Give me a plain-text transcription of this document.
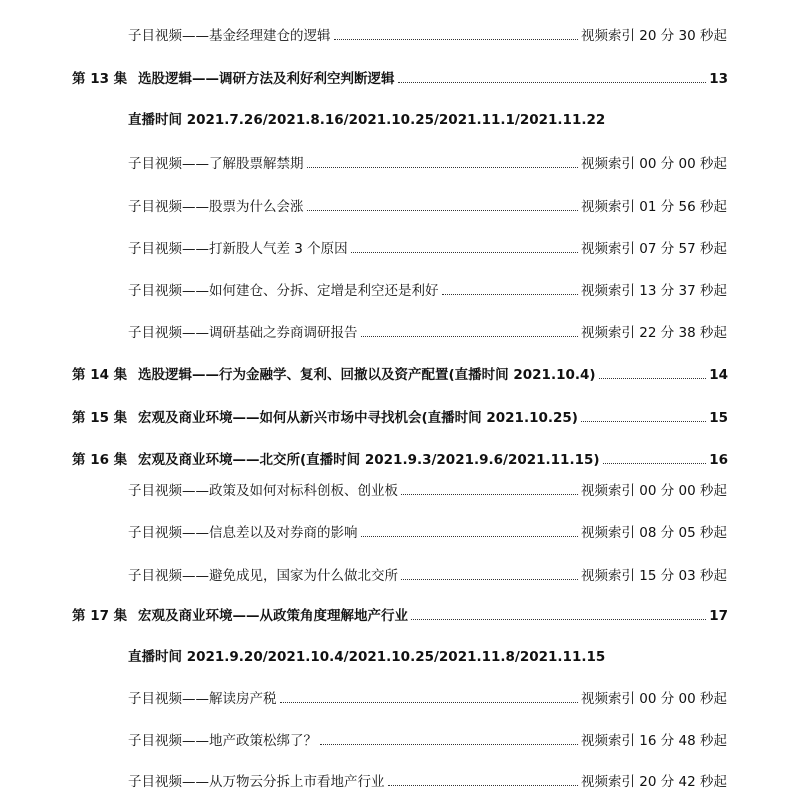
子目视频——基金经理建仓的逻辑	视频索引 20 分 30 秒起
第 13 集 选股逻辑——调研方法及利好利空判断逻辑	13
直播时间 2021.7.26/2021.8.16/2021.10.25/2021.11.1/2021.11.22
子目视频——了解股票解禁期	视频索引 00 分 00 秒起
子目视频——股票为什么会涨	视频索引 01 分 56 秒起
子目视频——打新股人气差 3 个原因	视频索引 07 分 57 秒起
子目视频——如何建仓、分拆、定增是利空还是利好	视频索引 13 分 37 秒起
子目视频——调研基础之券商调研报告	视频索引 22 分 38 秒起
第 14 集 选股逻辑——行为金融学、复利、回撤以及资产配置(直播时间 2021.10.4)	14
第 15 集 宏观及商业环境——如何从新兴市场中寻找机会(直播时间 2021.10.25)	15
第 16 集 宏观及商业环境——北交所(直播时间 2021.9.3/2021.9.6/2021.11.15)	16
子目视频——政策及如何对标科创板、创业板	视频索引 00 分 00 秒起
子目视频——信息差以及对券商的影响	视频索引 08 分 05 秒起
子目视频——避免成见，国家为什么做北交所	视频索引 15 分 03 秒起
第 17 集 宏观及商业环境——从政策角度理解地产行业	17
直播时间 2021.9.20/2021.10.4/2021.10.25/2021.11.8/2021.11.15
子目视频——解读房产税	视频索引 00 分 00 秒起
子目视频——地产政策松绑了？	视频索引 16 分 48 秒起
子目视频——从万物云分拆上市看地产行业	视频索引 20 分 42 秒起
